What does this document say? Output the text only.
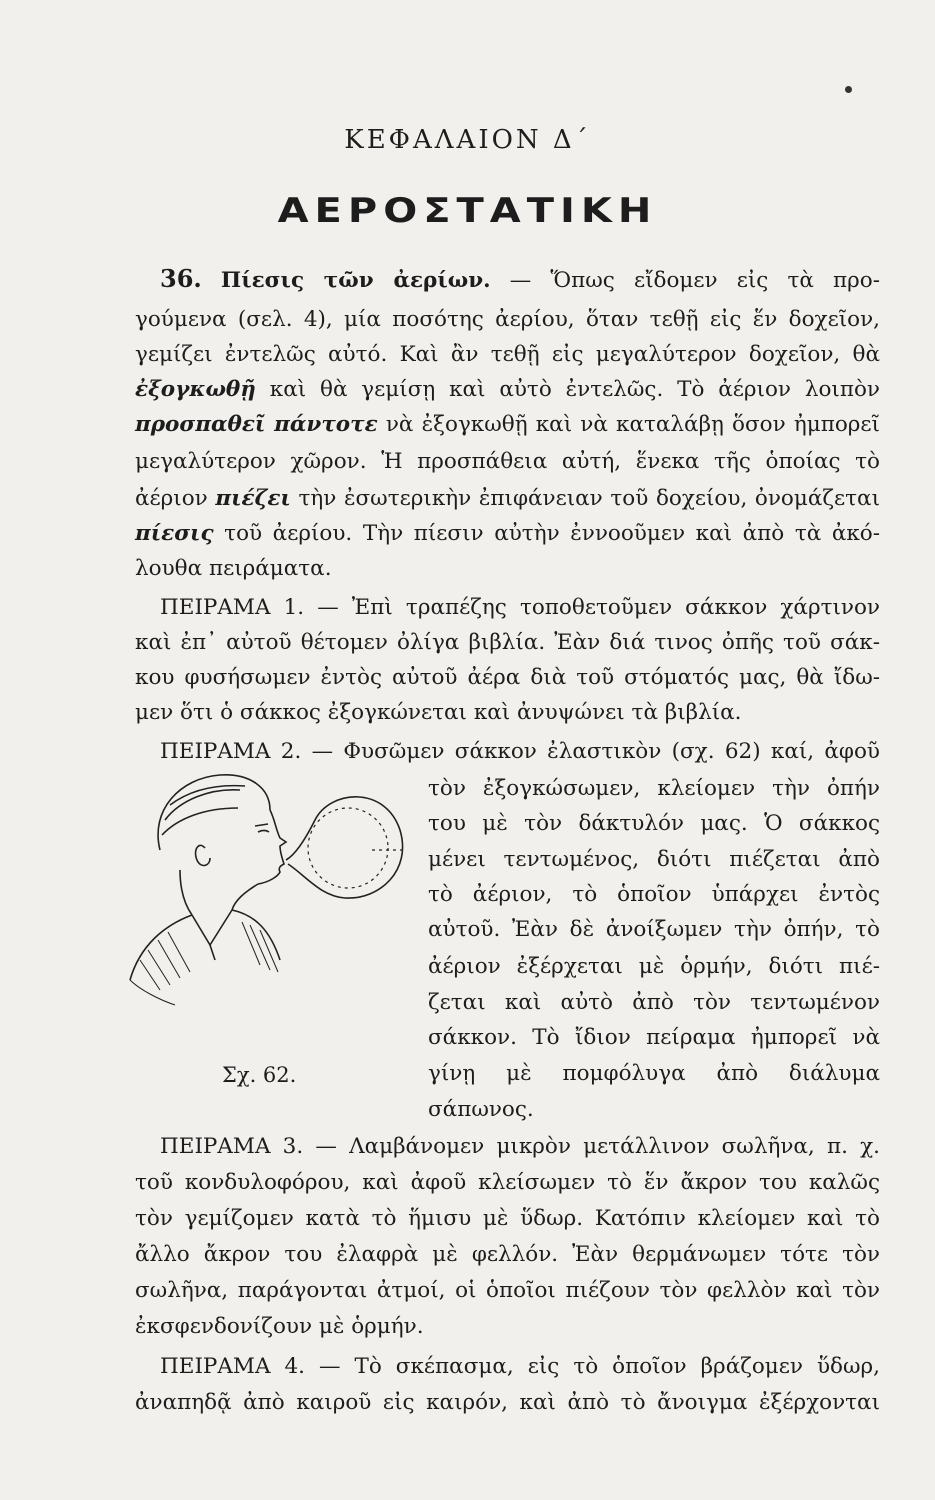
ΚΕΦΑΛΑΙΟΝ Δ΄
ΑΕΡΟΣΤΑΤΙΚΗ
36. Πίεσις τῶν ἀερίων. — Ὅπως εἴδομεν εἰς τὰ προ-
γούμενα (σελ. 4), μία ποσότης ἀερίου, ὅταν τεθῇ εἰς ἕν δοχεῖον,
γεμίζει ἐντελῶς αὐτό. Καὶ ἂν τεθῇ εἰς μεγαλύτερον δοχεῖον, θὰ
ἐξογκωθῇ καὶ θὰ γεμίσῃ καὶ αὐτὸ ἐντελῶς. Τὸ ἀέριον λοιπὸν
προσπαθεῖ πάντοτε νὰ ἐξογκωθῇ καὶ νὰ καταλάβῃ ὅσον ἠμπορεῖ
μεγαλύτερον χῶρον. Ἡ προσπάθεια αὐτή, ἕνεκα τῆς ὁποίας τὸ
ἀέριον πιέζει τὴν ἐσωτερικὴν ἐπιφάνειαν τοῦ δοχείου, ὀνομάζεται
πίεσις τοῦ ἀερίου. Τὴν πίεσιν αὐτὴν ἐννοοῦμεν καὶ ἀπὸ τὰ ἀκό-
λουθα πειράματα.
ΠΕΙΡΑΜΑ 1. — Ἐπὶ τραπέζης τοποθετοῦμεν σάκκον χάρτινον
καὶ ἐπ᾿ αὐτοῦ θέτομεν ὀλίγα βιβλία. Ἐὰν διά τινος ὀπῆς τοῦ σάκ-
κου φυσήσωμεν ἐντὸς αὐτοῦ ἀέρα διὰ τοῦ στόματός μας, θὰ ἴδω-
μεν ὅτι ὁ σάκκος ἐξογκώνεται καὶ ἀνυψώνει τὰ βιβλία.
ΠΕΙΡΑΜΑ 2. — Φυσῶμεν σάκκον ἐλαστικὸν (σχ. 62) καί, ἀφοῦ
τὸν ἐξογκώσωμεν, κλείομεν τὴν ὀπήν
του μὲ τὸν δάκτυλόν μας. Ὁ σάκκος
μένει τεντωμένος, διότι πιέζεται ἀπὸ
τὸ ἀέριον, τὸ ὁποῖον ὑπάρχει ἐντὸς
αὐτοῦ. Ἐὰν δὲ ἀνοίξωμεν τὴν ὀπήν, τὸ
ἀέριον ἐξέρχεται μὲ ὁρμήν, διότι πιέ-
ζεται καὶ αὐτὸ ἀπὸ τὸν τεντωμένον
σάκκον. Τὸ ἴδιον πείραμα ἠμπορεῖ νὰ
γίνῃ μὲ πομφόλυγα ἀπὸ διάλυμα
σάπωνος.
Σχ. 62.
ΠΕΙΡΑΜΑ 3. — Λαμβάνομεν μικρὸν μετάλλινον σωλῆνα, π. χ.
τοῦ κονδυλοφόρου, καὶ ἀφοῦ κλείσωμεν τὸ ἕν ἄκρον του καλῶς
τὸν γεμίζομεν κατὰ τὸ ἥμισυ μὲ ὕδωρ. Κατόπιν κλείομεν καὶ τὸ
ἄλλο ἄκρον του ἐλαφρὰ μὲ φελλόν. Ἐὰν θερμάνωμεν τότε τὸν
σωλῆνα, παράγονται ἀτμοί, οἱ ὁποῖοι πιέζουν τὸν φελλὸν καὶ τὸν
ἐκσφενδονίζουν μὲ ὁρμήν.
ΠΕΙΡΑΜΑ 4. — Τὸ σκέπασμα, εἰς τὸ ὁποῖον βράζομεν ὕδωρ,
ἀναπηδᾷ ἀπὸ καιροῦ εἰς καιρόν, καὶ ἀπὸ τὸ ἄνοιγμα ἐξέρχονται
